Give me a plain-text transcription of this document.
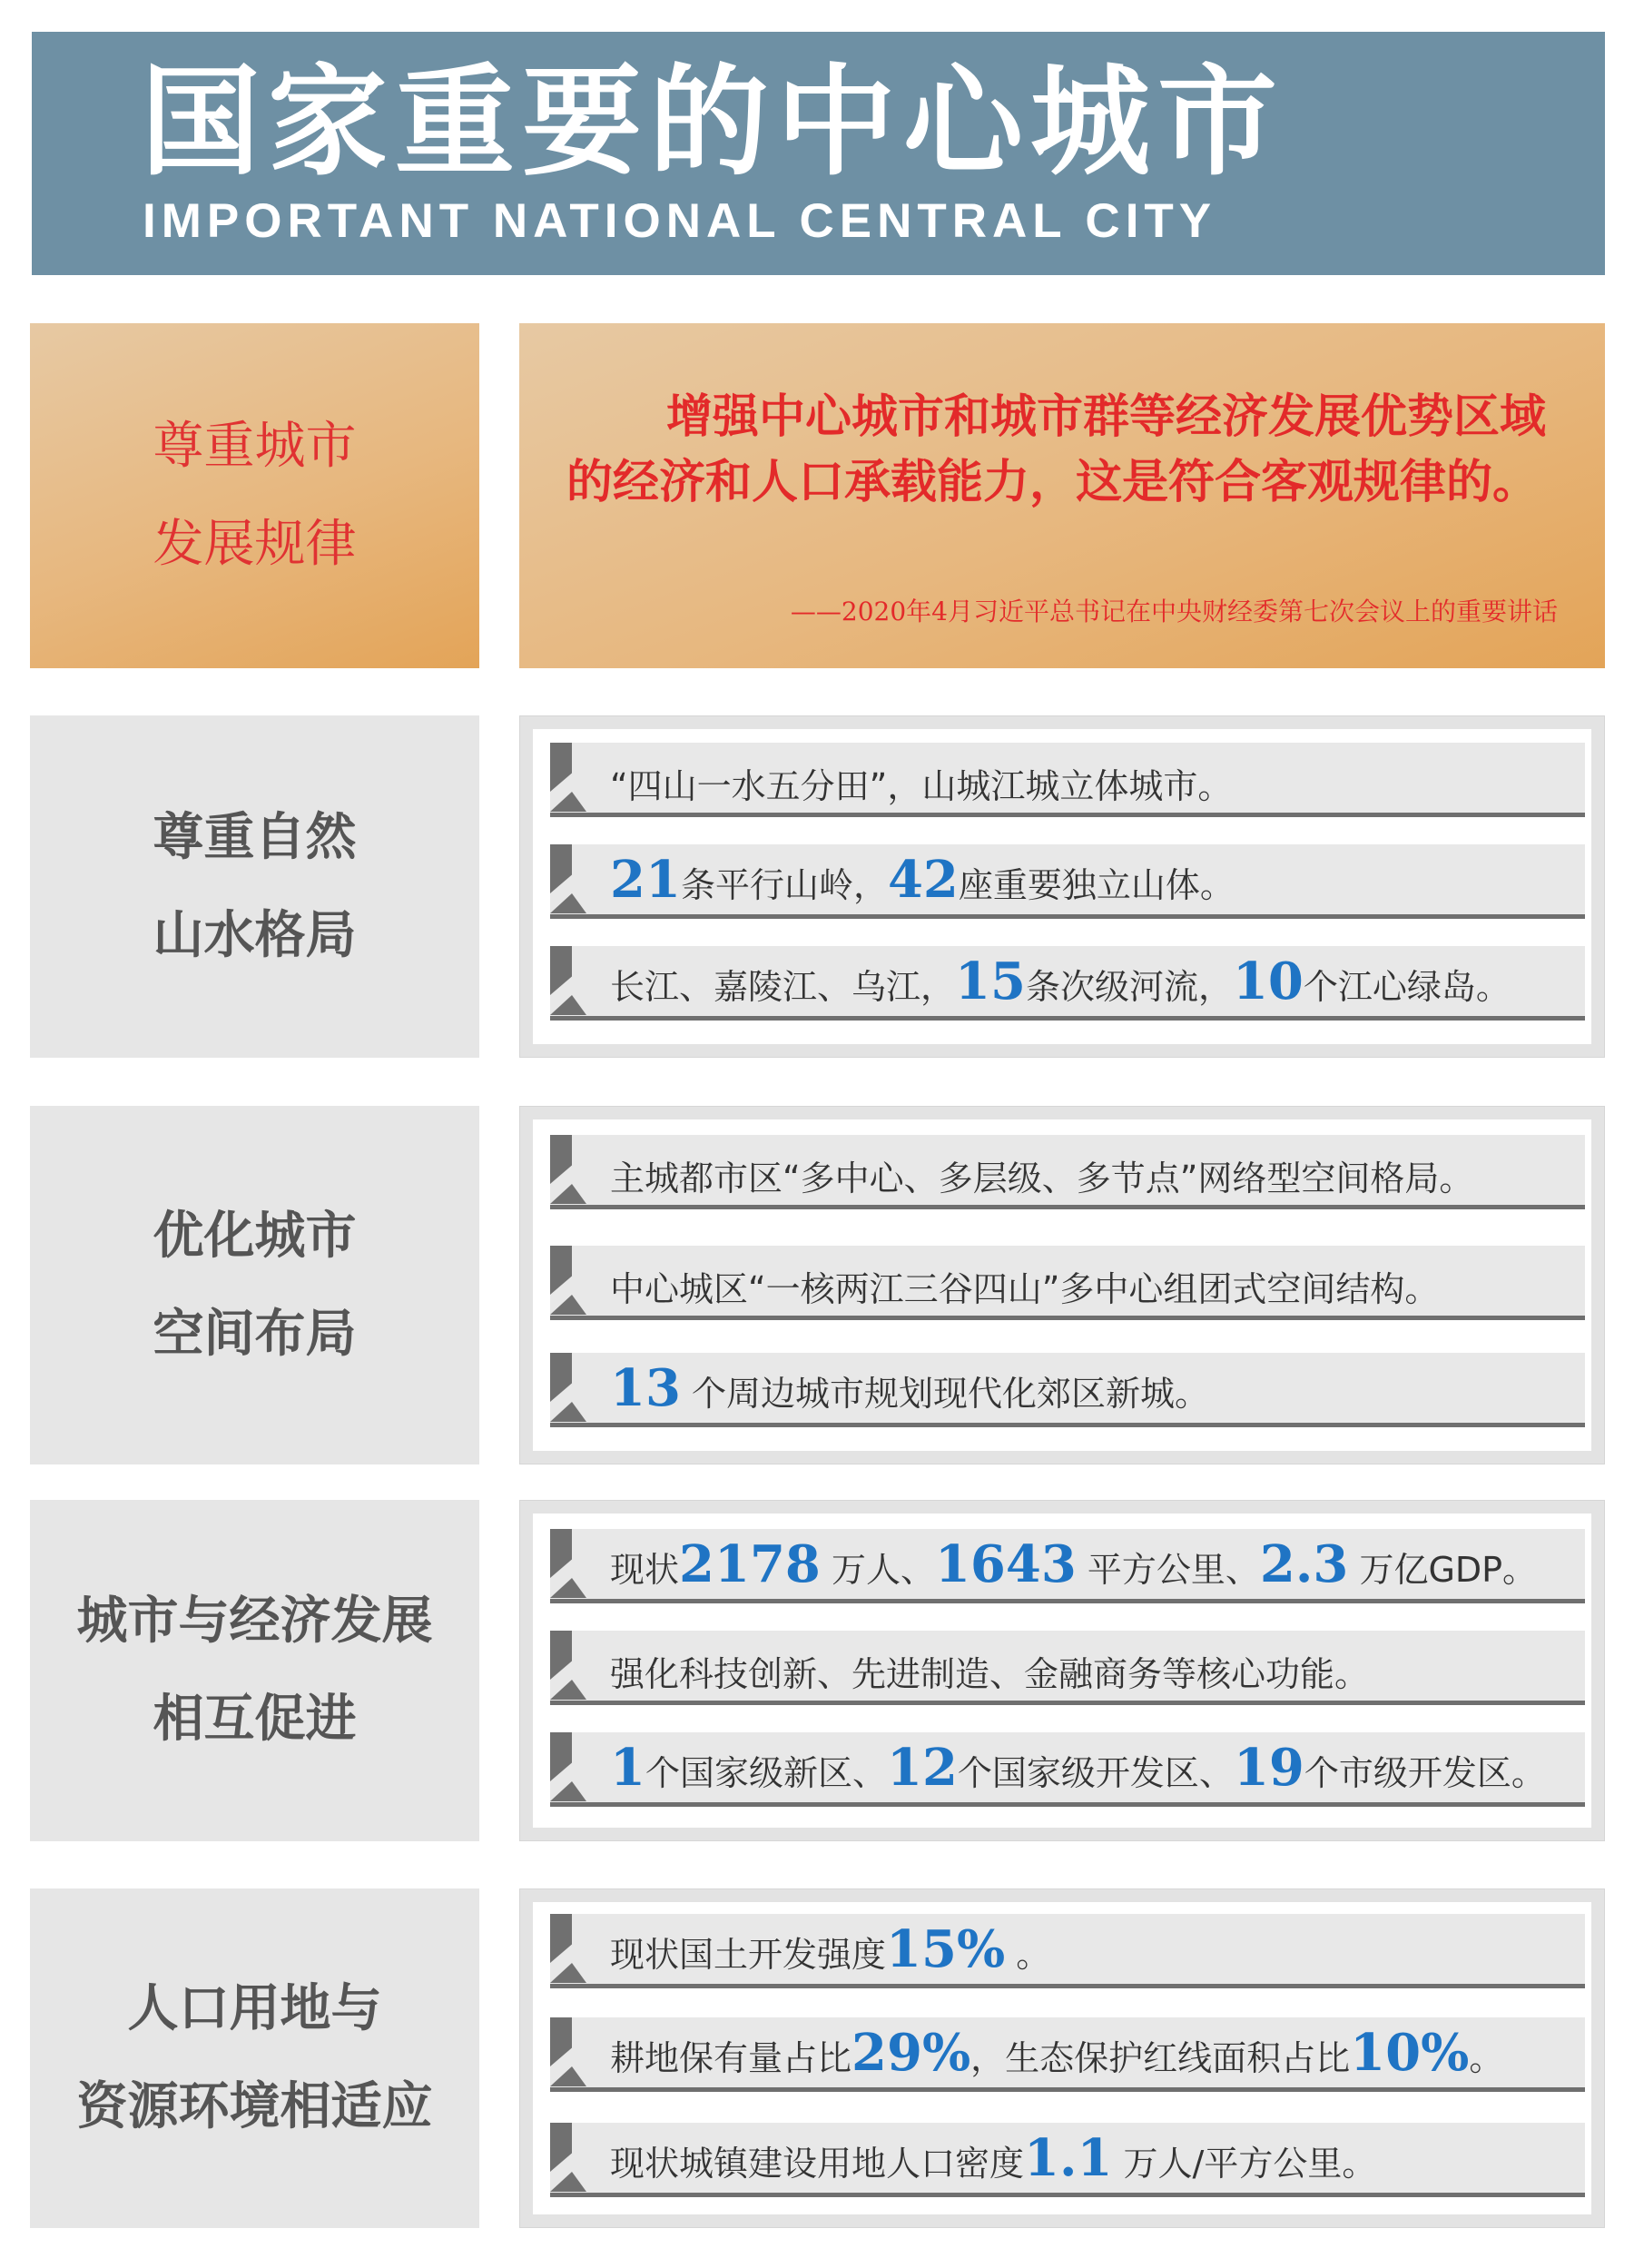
国家重要的中心城市
IMPORTANT NATIONAL CENTRAL CITY
尊重城市
发展规律
增强中心城市和城市群等经济发展优势区域的经济和人口承载能力，这是符合客观规律的。
——2020年4月习近平总书记在中央财经委第七次会议上的重要讲话
尊重自然
山水格局
“四山一水五分田”，山城江城立体城市。
21条平行山岭，42座重要独立山体。
长江、嘉陵江、乌江，15条次级河流，10个江心绿岛。
优化城市
空间布局
主城都市区“多中心、多层级、多节点”网络型空间格局。
中心城区“一核两江三谷四山”多中心组团式空间结构。
13 个周边城市规划现代化郊区新城。
城市与经济发展
相互促进
现状2178 万人、1643 平方公里、2.3 万亿GDP。
强化科技创新、先进制造、金融商务等核心功能。
1个国家级新区、12个国家级开发区、19个市级开发区。
人口用地与
资源环境相适应
现状国土开发强度15% 。
耕地保有量占比29%，生态保护红线面积占比10%。
现状城镇建设用地人口密度1.1 万人/平方公里。
